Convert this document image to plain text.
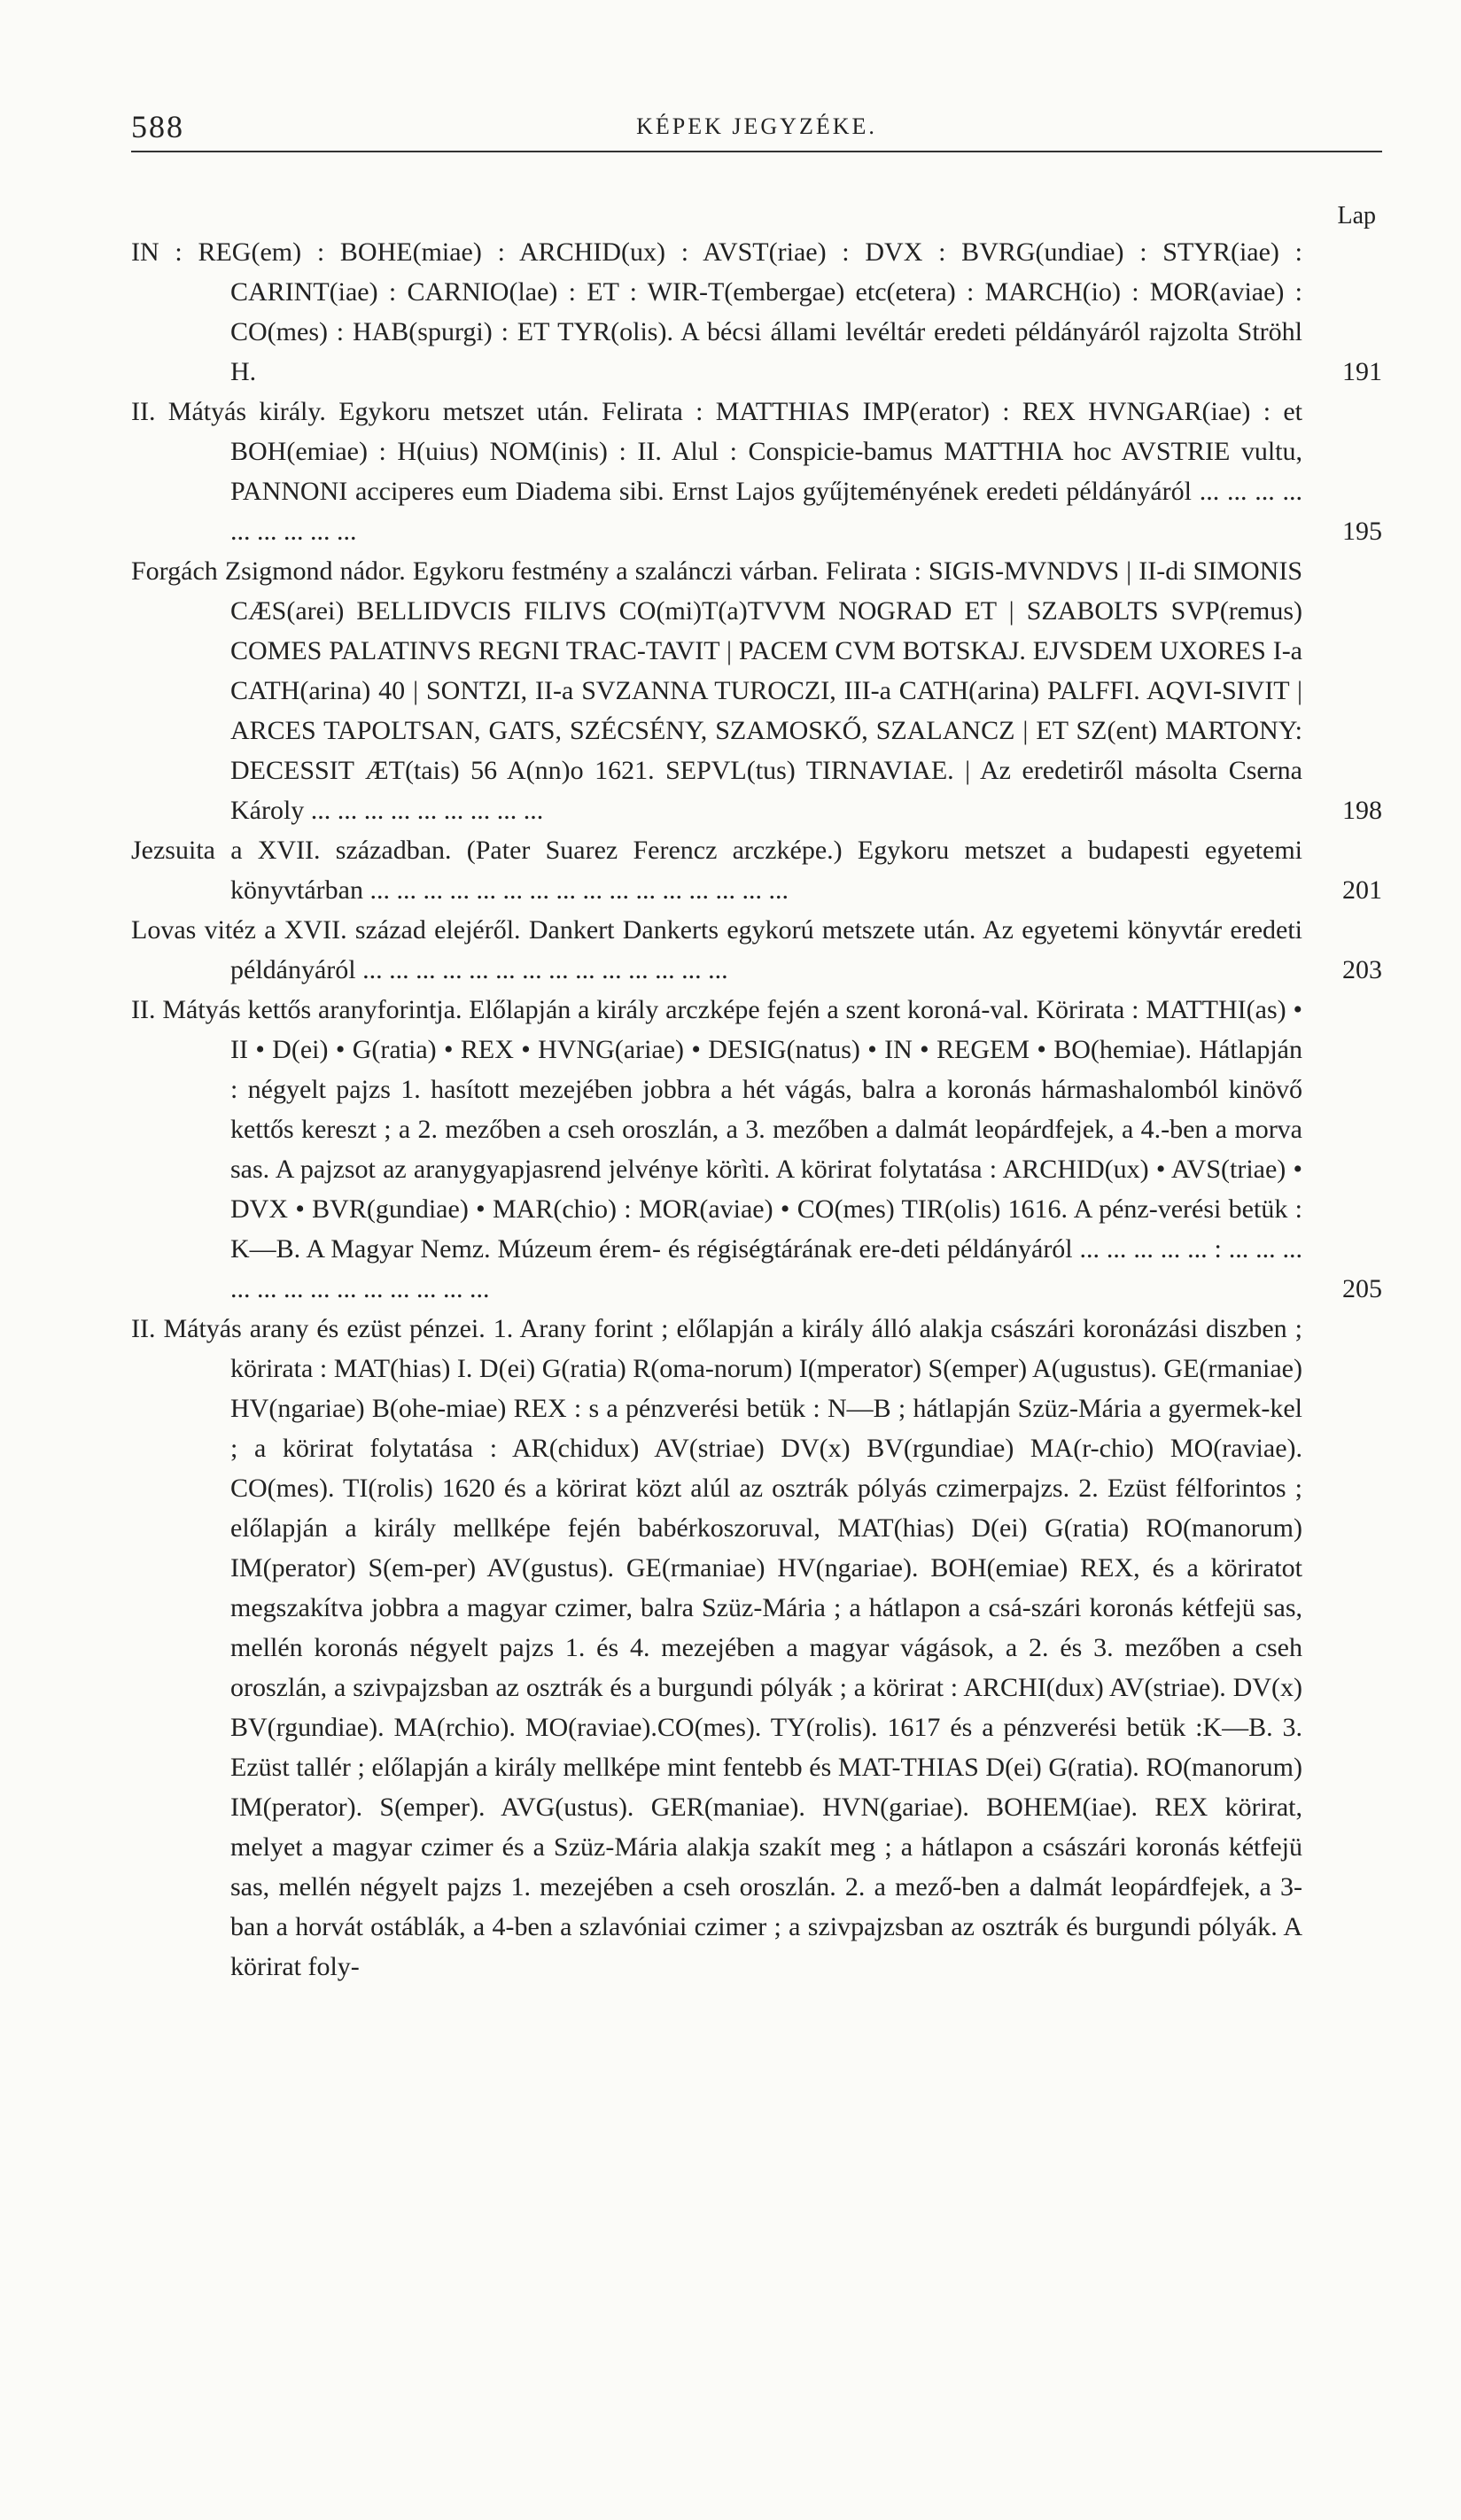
588	KÉPEK JEGYZÉKE.
Lap

IN : REG(em) : BOHE(miae) : ARCHID(ux) : AVST(riae) : DVX : BVRG(undiae) : STYR(iae) : CARINT(iae) : CARNIO(lae) : ET : WIR-T(embergae) etc(etera) : MARCH(io) : MOR(aviae) : CO(mes) : HAB(spurgi) : ET TYR(olis). A bécsi állami levéltár eredeti példányáról rajzolta Ströhl H.	191

II. Mátyás király. Egykoru metszet után. Felirata : MATTHIAS IMP(erator) : REX HVNGAR(iae) : et BOH(emiae) : H(uius) NOM(inis) : II. Alul : Conspicie-bamus MATTHIA hoc AVSTRIE vultu, PANNONI acciperes eum Diadema sibi. Ernst Lajos gyűjteményének eredeti példányáról ... ... ... ... ... ... ... ... ...	195

Forgách Zsigmond nádor. Egykoru festmény a szalánczi várban. Felirata : SIGIS-MVNDVS | II-di SIMONIS CÆS(arei) BELLIDVCIS FILIVS CO(mi)T(a)TVVM NOGRAD ET | SZABOLTS SVP(remus) COMES PALATINVS REGNI TRAC-TAVIT | PACEM CVM BOTSKAJ. EJVSDEM UXORES I-a CATH(arina) 40 | SONTZI, II-a SVZANNA TUROCZI, III-a CATH(arina) PALFFI. AQVI-SIVIT | ARCES TAPOLTSAN, GATS, SZÉCSÉNY, SZAMOSKŐ, SZALANCZ | ET SZ(ent) MARTONY: DECESSIT ÆT(tais) 56 A(nn)o 1621. SEPVL(tus) TIRNAVIAE. | Az eredetiről másolta Cserna Károly ... ... ... ... ... ... ... ... ...	198

Jezsuita a XVII. században. (Pater Suarez Ferencz arczképe.) Egykoru metszet a budapesti egyetemi könyvtárban ... ... ... ... ... ... ... ... ... ... ... ... ... ... ... ...	201

Lovas vitéz a XVII. század elejéről. Dankert Dankerts egykorú metszete után. Az egyetemi könyvtár eredeti példányáról ... ... ... ... ... ... ... ... ... ... ... ... ... ...	203

II. Mátyás kettős aranyforintja. Előlapján a király arczképe fején a szent koroná-val. Körirata : MATTHI(as) • II • D(ei) • G(ratia) • REX • HVNG(ariae) • DESIG(natus) • IN • REGEM • BO(hemiae). Hátlapján : négyelt pajzs 1. hasított mezejében jobbra a hét vágás, balra a koronás hármashalomból kinövő kettős kereszt ; a 2. mezőben a cseh oroszlán, a 3. mezőben a dalmát leopárdfejek, a 4.-ben a morva sas. A pajzsot az aranygyapjasrend jelvénye körìti. A körirat folytatása : ARCHID(ux) • AVS(triae) • DVX • BVR(gundiae) • MAR(chio) : MOR(aviae) • CO(mes) TIR(olis) 1616. A pénz-verési betük : K—B. A Magyar Nemz. Múzeum érem- és régiségtárának ere-deti példányáról ... ... ... ... ... : ... ... ... ... ... ... ... ... ... ... ... ... ...	205

II. Mátyás arany és ezüst pénzei. 1. Arany forint ; előlapján a király álló alakja császári koronázási diszben ; körirata : MAT(hias) I. D(ei) G(ratia) R(oma-norum) I(mperator) S(emper) A(ugustus). GE(rmaniae) HV(ngariae) B(ohe-miae) REX : s a pénzverési betük : N—B ; hátlapján Szüz-Mária a gyermek-kel ; a körirat folytatása : AR(chidux) AV(striae) DV(x) BV(rgundiae) MA(r-chio) MO(raviae). CO(mes). TI(rolis) 1620 és a körirat közt alúl az osztrák pólyás czimerpajzs. 2. Ezüst félforintos ; előlapján a király mellképe fején babérkoszoruval, MAT(hias) D(ei) G(ratia) RO(manorum) IM(perator) S(em-per) AV(gustus). GE(rmaniae) HV(ngariae). BOH(emiae) REX, és a köriratot megszakítva jobbra a magyar czimer, balra Szüz-Mária ; a hátlapon a csá-szári koronás kétfejü sas, mellén koronás négyelt pajzs 1. és 4. mezejében a magyar vágások, a 2. és 3. mezőben a cseh oroszlán, a szivpajzsban az osztrák és a burgundi pólyák ; a körirat : ARCHI(dux) AV(striae). DV(x) BV(rgundiae). MA(rchio). MO(raviae).CO(mes). TY(rolis). 1617 és a pénzverési betük :K—B. 3. Ezüst tallér ; előlapján a király mellképe mint fentebb és MAT-THIAS D(ei) G(ratia). RO(manorum) IM(perator). S(emper). AVG(ustus). GER(maniae). HVN(gariae). BOHEM(iae). REX körirat, melyet a magyar czimer és a Szüz-Mária alakja szakít meg ; a hátlapon a császári koronás kétfejü sas, mellén négyelt pajzs 1. mezejében a cseh oroszlán. 2. a mező-ben a dalmát leopárdfejek, a 3-ban a horvát ostáblák, a 4-ben a szlavóniai czimer ; a szivpajzsban az osztrák és burgundi pólyák. A körirat foly-
